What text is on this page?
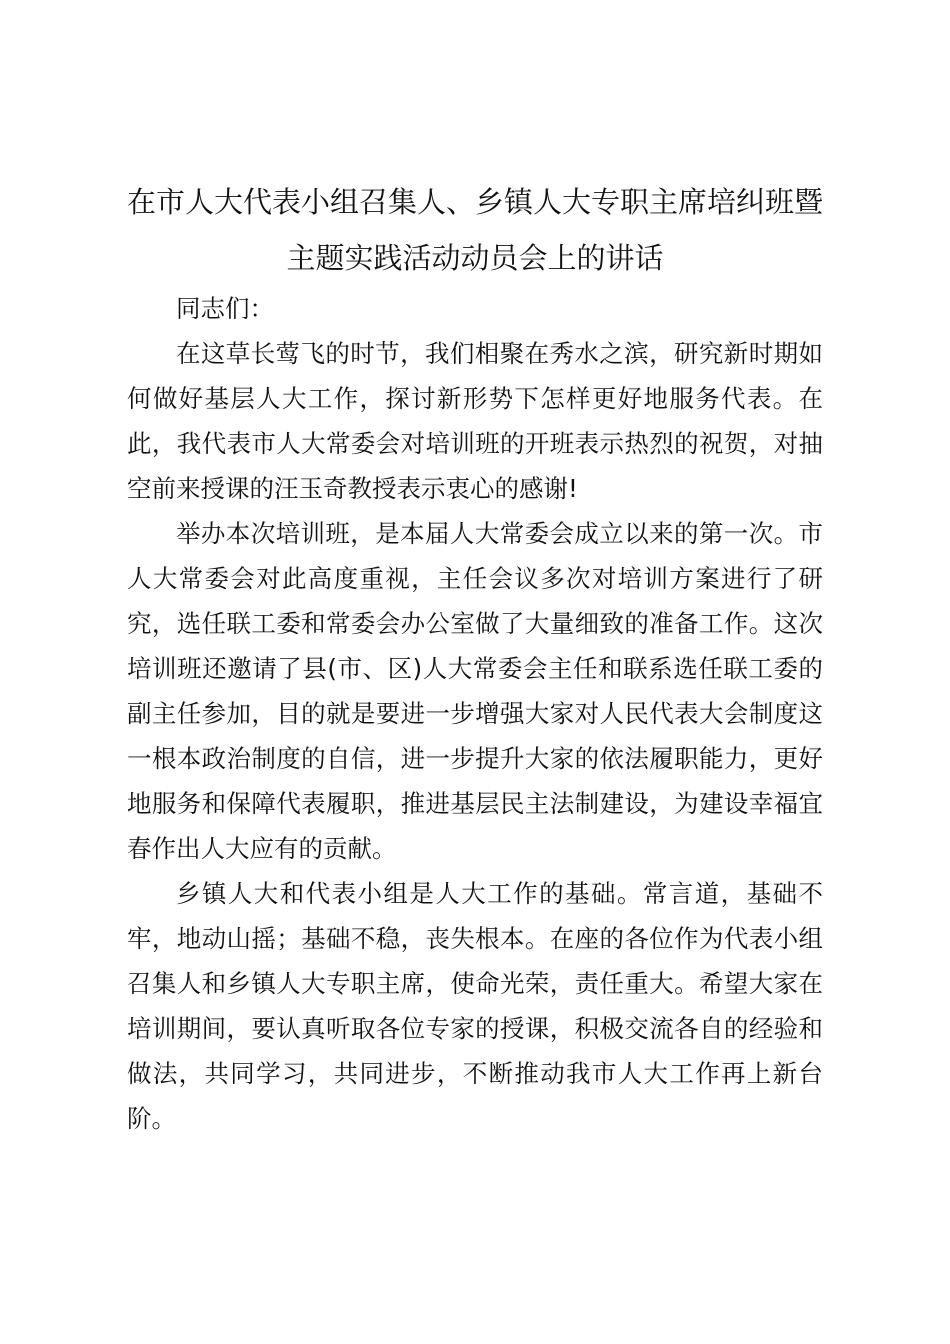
在市人大代表小组召集人、乡镇人大专职主席培纠班暨
主题实践活动动员会上的讲话

同志们：

在这草长莺飞的时节，我们相聚在秀水之滨，研究新时期如何做好基层人大工作，探讨新形势下怎样更好地服务代表。在此，我代表市人大常委会对培训班的开班表示热烈的祝贺，对抽空前来授课的汪玉奇教授表示衷心的感谢!

举办本次培训班，是本届人大常委会成立以来的第一次。市人大常委会对此高度重视，主任会议多次对培训方案进行了研究，选任联工委和常委会办公室做了大量细致的准备工作。这次培训班还邀请了县(市、区)人大常委会主任和联系选任联工委的副主任参加，目的就是要进一步增强大家对人民代表大会制度这一根本政治制度的自信，进一步提升大家的依法履职能力，更好地服务和保障代表履职，推进基层民主法制建设，为建设幸福宜春作出人大应有的贡献。

乡镇人大和代表小组是人大工作的基础。常言道，基础不牢，地动山摇；基础不稳，丧失根本。在座的各位作为代表小组召集人和乡镇人大专职主席，使命光荣，责任重大。希望大家在培训期间，要认真听取各位专家的授课，积极交流各自的经验和做法，共同学习，共同进步，不断推动我市人大工作再上新台阶。
